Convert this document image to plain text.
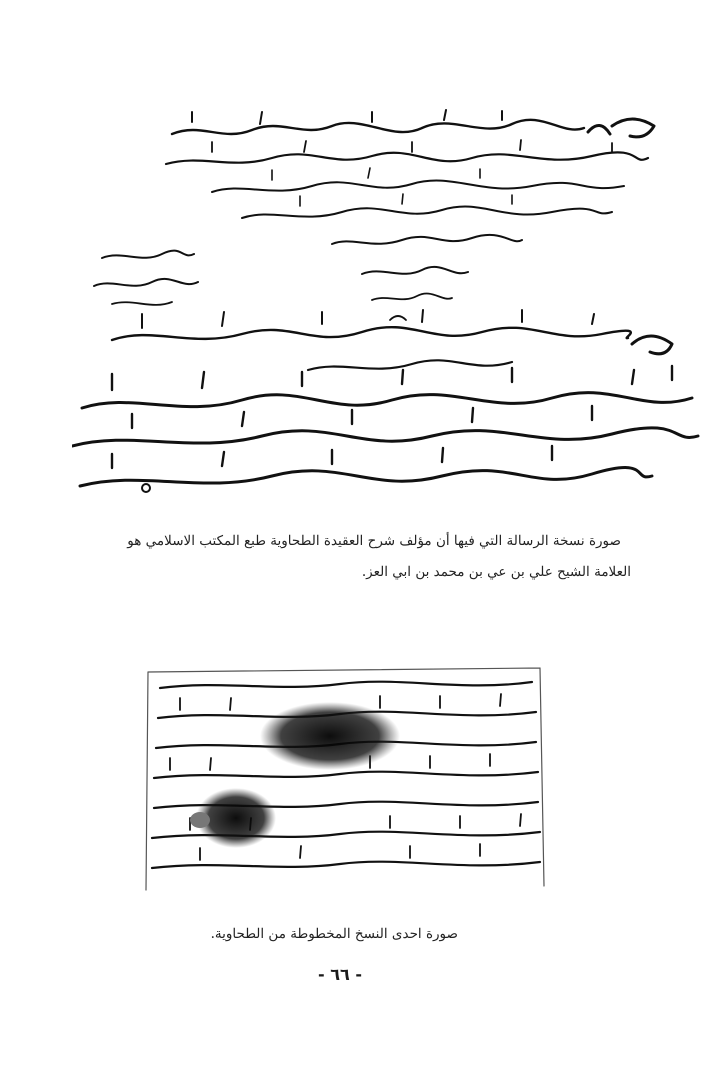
صورة نسخة الرسالة التي فيها أن مؤلف شرح العقيدة الطحاوية طبع المكتب الاسلامي هو
العلامة الشيح علي بن عي بن محمد بن ابي العز.
صورة احدى النسخ المخطوطة من الطحاوية.
- ٦٦ -
